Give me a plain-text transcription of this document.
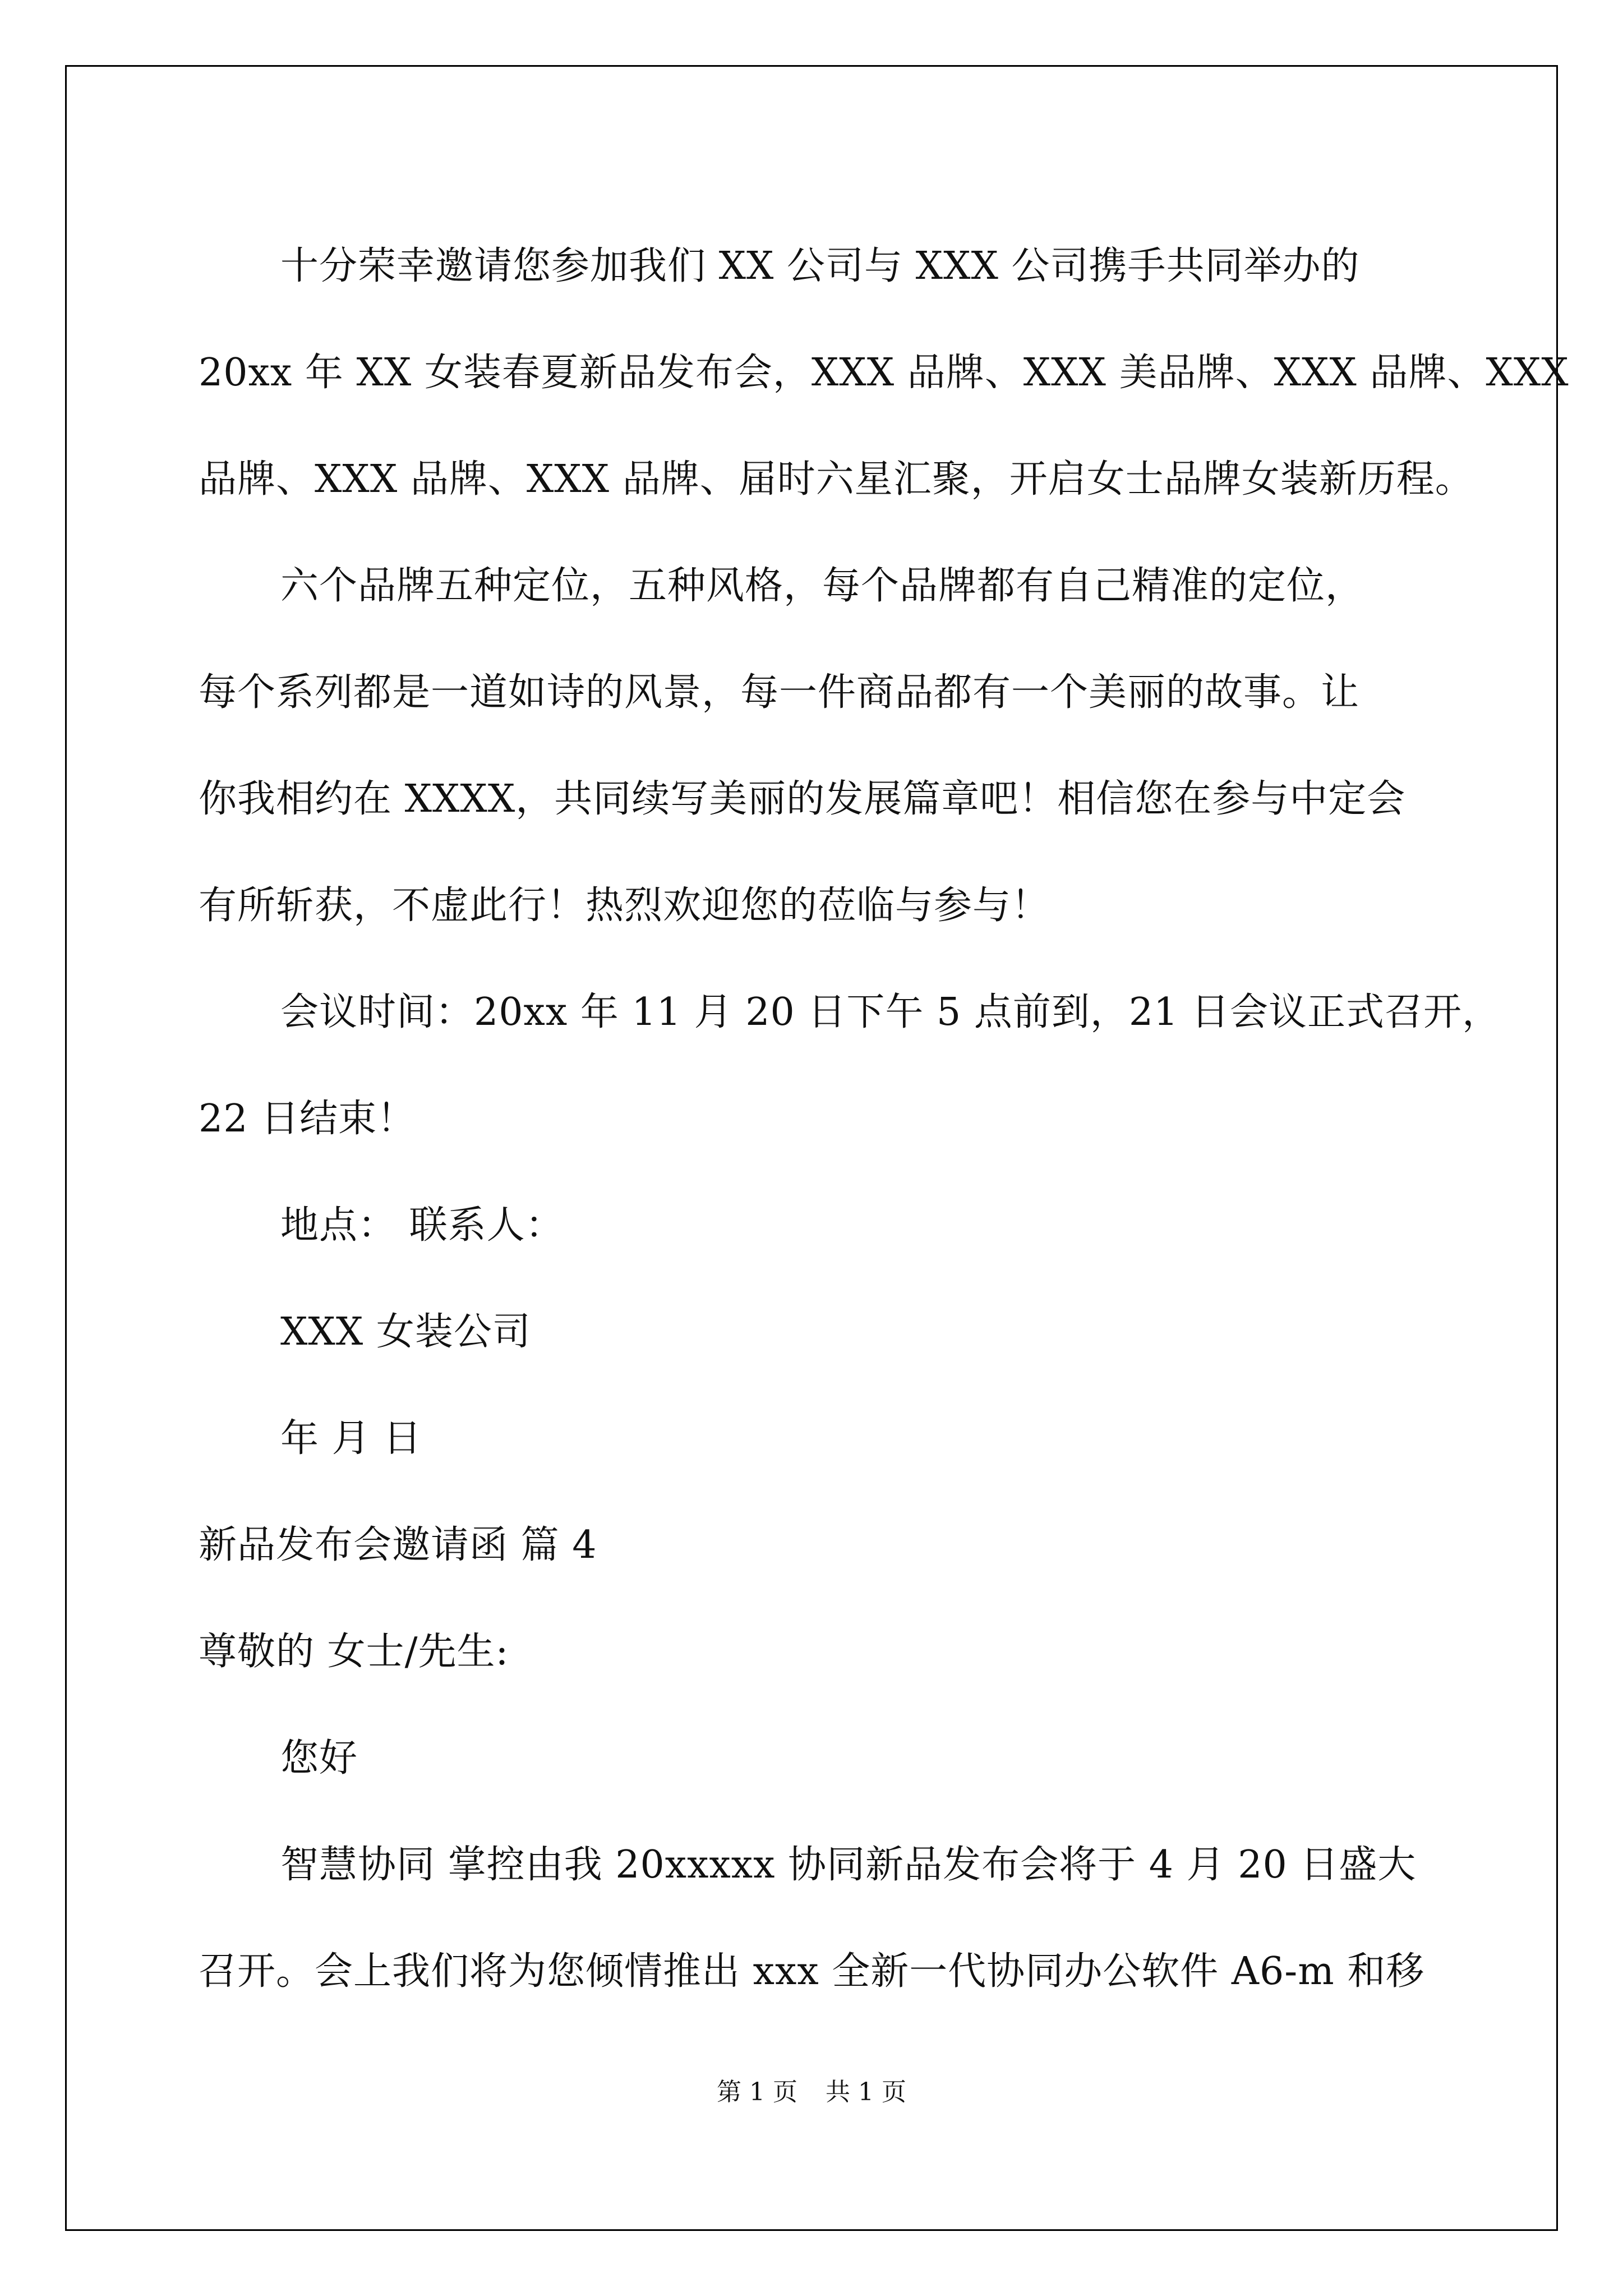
十分荣幸邀请您参加我们 XX 公司与 XXX 公司携手共同举办的
20xx 年 XX 女装春夏新品发布会，XXX 品牌、XXX 美品牌、XXX 品牌、XXX
品牌、XXX 品牌、XXX 品牌、届时六星汇聚，开启女士品牌女装新历程。
六个品牌五种定位，五种风格，每个品牌都有自己精准的定位，
每个系列都是一道如诗的风景，每一件商品都有一个美丽的故事。让
你我相约在 XXXX，共同续写美丽的发展篇章吧！相信您在参与中定会
有所斩获，不虚此行！热烈欢迎您的莅临与参与！
会议时间：20xx 年 11 月 20 日下午 5 点前到，21 日会议正式召开，
22 日结束！
地点： 联系人：
XXX 女装公司
年 月 日
新品发布会邀请函 篇 4
尊敬的 女士/先生:
您好
智慧协同 掌控由我 20xxxxx 协同新品发布会将于 4 月 20 日盛大
召开。会上我们将为您倾情推出 xxx 全新一代协同办公软件 A6-m 和移
第 1 页 共 1 页
